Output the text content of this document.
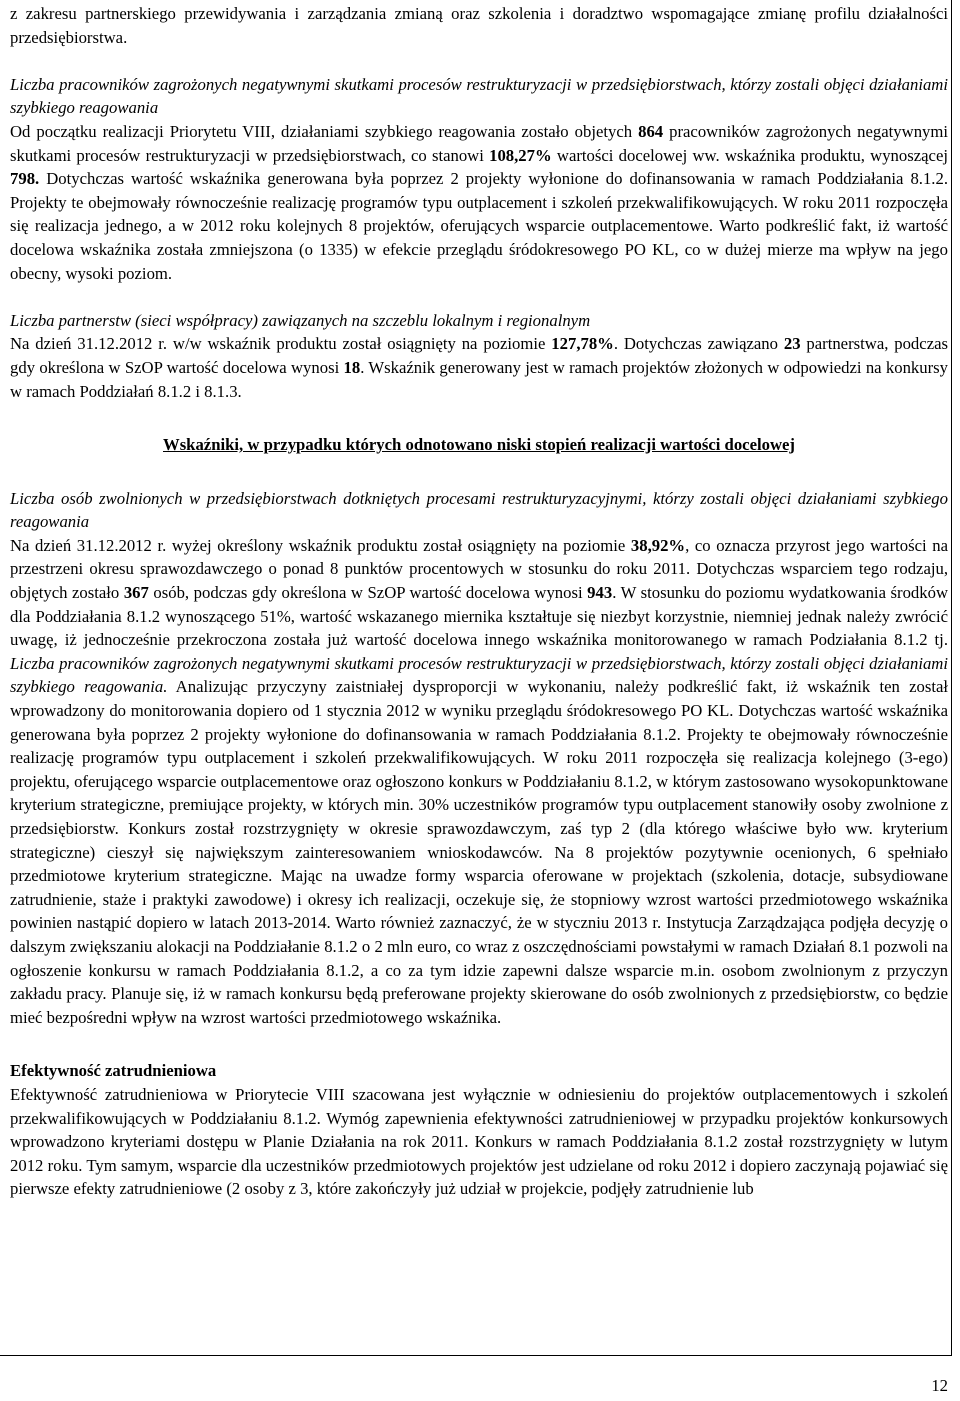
z zakresu partnerskiego przewidywania i zarządzania zmianą oraz szkolenia i doradztwo wspomagające zmianę profilu działalności przedsiębiorstwa.

Liczba pracowników zagrożonych negatywnymi skutkami procesów restrukturyzacji w przedsiębiorstwach, którzy zostali objęci działaniami szybkiego reagowania

Od początku realizacji Priorytetu VIII, działaniami szybkiego reagowania zostało objetych 864 pracowników zagrożonych negatywnymi skutkami procesów restrukturyzacji w przedsiębiorstwach, co stanowi 108,27% wartości docelowej ww. wskaźnika produktu, wynoszącej 798. Dotychczas wartość wskaźnika generowana była poprzez 2 projekty wyłonione do dofinansowania w ramach Poddziałania 8.1.2. Projekty te obejmowały równocześnie realizację programów typu outplacement i szkoleń przekwalifikowujących. W roku 2011 rozpoczęła się realizacja jednego, a w 2012 roku kolejnych 8 projektów, oferujących wsparcie outplacementowe. Warto podkreślić fakt, iż wartość docelowa wskaźnika została zmniejszona (o 1335) w efekcie przeglądu śródokresowego PO KL, co w dużej mierze ma wpływ na jego obecny, wysoki poziom.

Liczba partnerstw (sieci współpracy) zawiązanych na szczeblu lokalnym i regionalnym

Na dzień 31.12.2012 r. w/w wskaźnik produktu został osiągnięty na poziomie 127,78%. Dotychczas zawiązano 23 partnerstwa, podczas gdy określona w SzOP wartość docelowa wynosi 18. Wskaźnik generowany jest w ramach projektów złożonych w odpowiedzi na konkursy w ramach Poddziałań 8.1.2 i 8.1.3.

Wskaźniki, w przypadku których odnotowano niski stopień realizacji wartości docelowej

Liczba osób zwolnionych w przedsiębiorstwach dotkniętych procesami restrukturyzacyjnymi, którzy zostali objęci działaniami szybkiego reagowania

Na dzień 31.12.2012 r. wyżej określony wskaźnik produktu został osiągnięty na poziomie 38,92%, co oznacza przyrost jego wartości na przestrzeni okresu sprawozdawczego o ponad 8 punktów procentowych w stosunku do roku 2011. Dotychczas wsparciem tego rodzaju, objętych zostało 367 osób, podczas gdy określona w SzOP wartość docelowa wynosi 943. W stosunku do poziomu wydatkowania środków dla Poddziałania 8.1.2 wynoszącego 51%, wartość wskazanego miernika kształtuje się niezbyt korzystnie, niemniej jednak należy zwrócić uwagę, iż jednocześnie przekroczona została już wartość docelowa innego wskaźnika monitorowanego w ramach Podziałania 8.1.2 tj. Liczba pracowników zagrożonych negatywnymi skutkami procesów restrukturyzacji w przedsiębiorstwach, którzy zostali objęci działaniami szybkiego reagowania. Analizując przyczyny zaistniałej dysproporcji w wykonaniu, należy podkreślić fakt, iż wskaźnik ten został wprowadzony do monitorowania dopiero od 1 stycznia 2012 w wyniku przeglądu śródokresowego PO KL. Dotychczas wartość wskaźnika generowana była poprzez 2 projekty wyłonione do dofinansowania w ramach Poddziałania 8.1.2. Projekty te obejmowały równocześnie realizację programów typu outplacement i szkoleń przekwalifikowujących. W roku 2011 rozpoczęła się realizacja kolejnego (3-ego) projektu, oferującego wsparcie outplacementowe oraz ogłoszono konkurs w Poddziałaniu 8.1.2, w którym zastosowano wysokopunktowane kryterium strategiczne, premiujące projekty, w których min. 30% uczestników programów typu outplacement stanowiły osoby zwolnione z przedsiębiorstw. Konkurs został rozstrzygnięty w okresie sprawozdawczym, zaś typ 2 (dla którego właściwe było ww. kryterium strategiczne) cieszył się największym zainteresowaniem wnioskodawców. Na 8 projektów pozytywnie ocenionych, 6 spełniało przedmiotowe kryterium strategiczne. Mając na uwadze formy wsparcia oferowane w projektach (szkolenia, dotacje, subsydiowane zatrudnienie, staże i praktyki zawodowe) i okresy ich realizacji, oczekuje się, że stopniowy wzrost wartości przedmiotowego wskaźnika powinien nastąpić dopiero w latach 2013-2014. Warto również zaznaczyć, że w styczniu 2013 r. Instytucja Zarządzająca podjęła decyzję o dalszym zwiększaniu alokacji na Poddziałanie 8.1.2 o 2 mln euro, co wraz z oszczędnościami powstałymi w ramach Działań 8.1 pozwoli na ogłoszenie konkursu w ramach Poddziałania 8.1.2, a co za tym idzie zapewni dalsze wsparcie m.in. osobom zwolnionym z przyczyn zakładu pracy. Planuje się, iż w ramach konkursu będą preferowane projekty skierowane do osób zwolnionych z przedsiębiorstw, co będzie mieć bezpośredni wpływ na wzrost wartości przedmiotowego wskaźnika.

Efektywność zatrudnieniowa

Efektywność zatrudnieniowa w Priorytecie VIII szacowana jest wyłącznie w odniesieniu do projektów outplacementowych i szkoleń przekwalifikowujących w Poddziałaniu 8.1.2. Wymóg zapewnienia efektywności zatrudnieniowej w przypadku projektów konkursowych wprowadzono kryteriami dostępu w Planie Działania na rok 2011. Konkurs w ramach Poddziałania 8.1.2 został rozstrzygnięty w lutym 2012 roku. Tym samym, wsparcie dla uczestników przedmiotowych projektów jest udzielane od roku 2012 i dopiero zaczynają pojawiać się pierwsze efekty zatrudnieniowe (2 osoby z 3, które zakończyły już udział w projekcie, podjęły zatrudnienie lub

12
